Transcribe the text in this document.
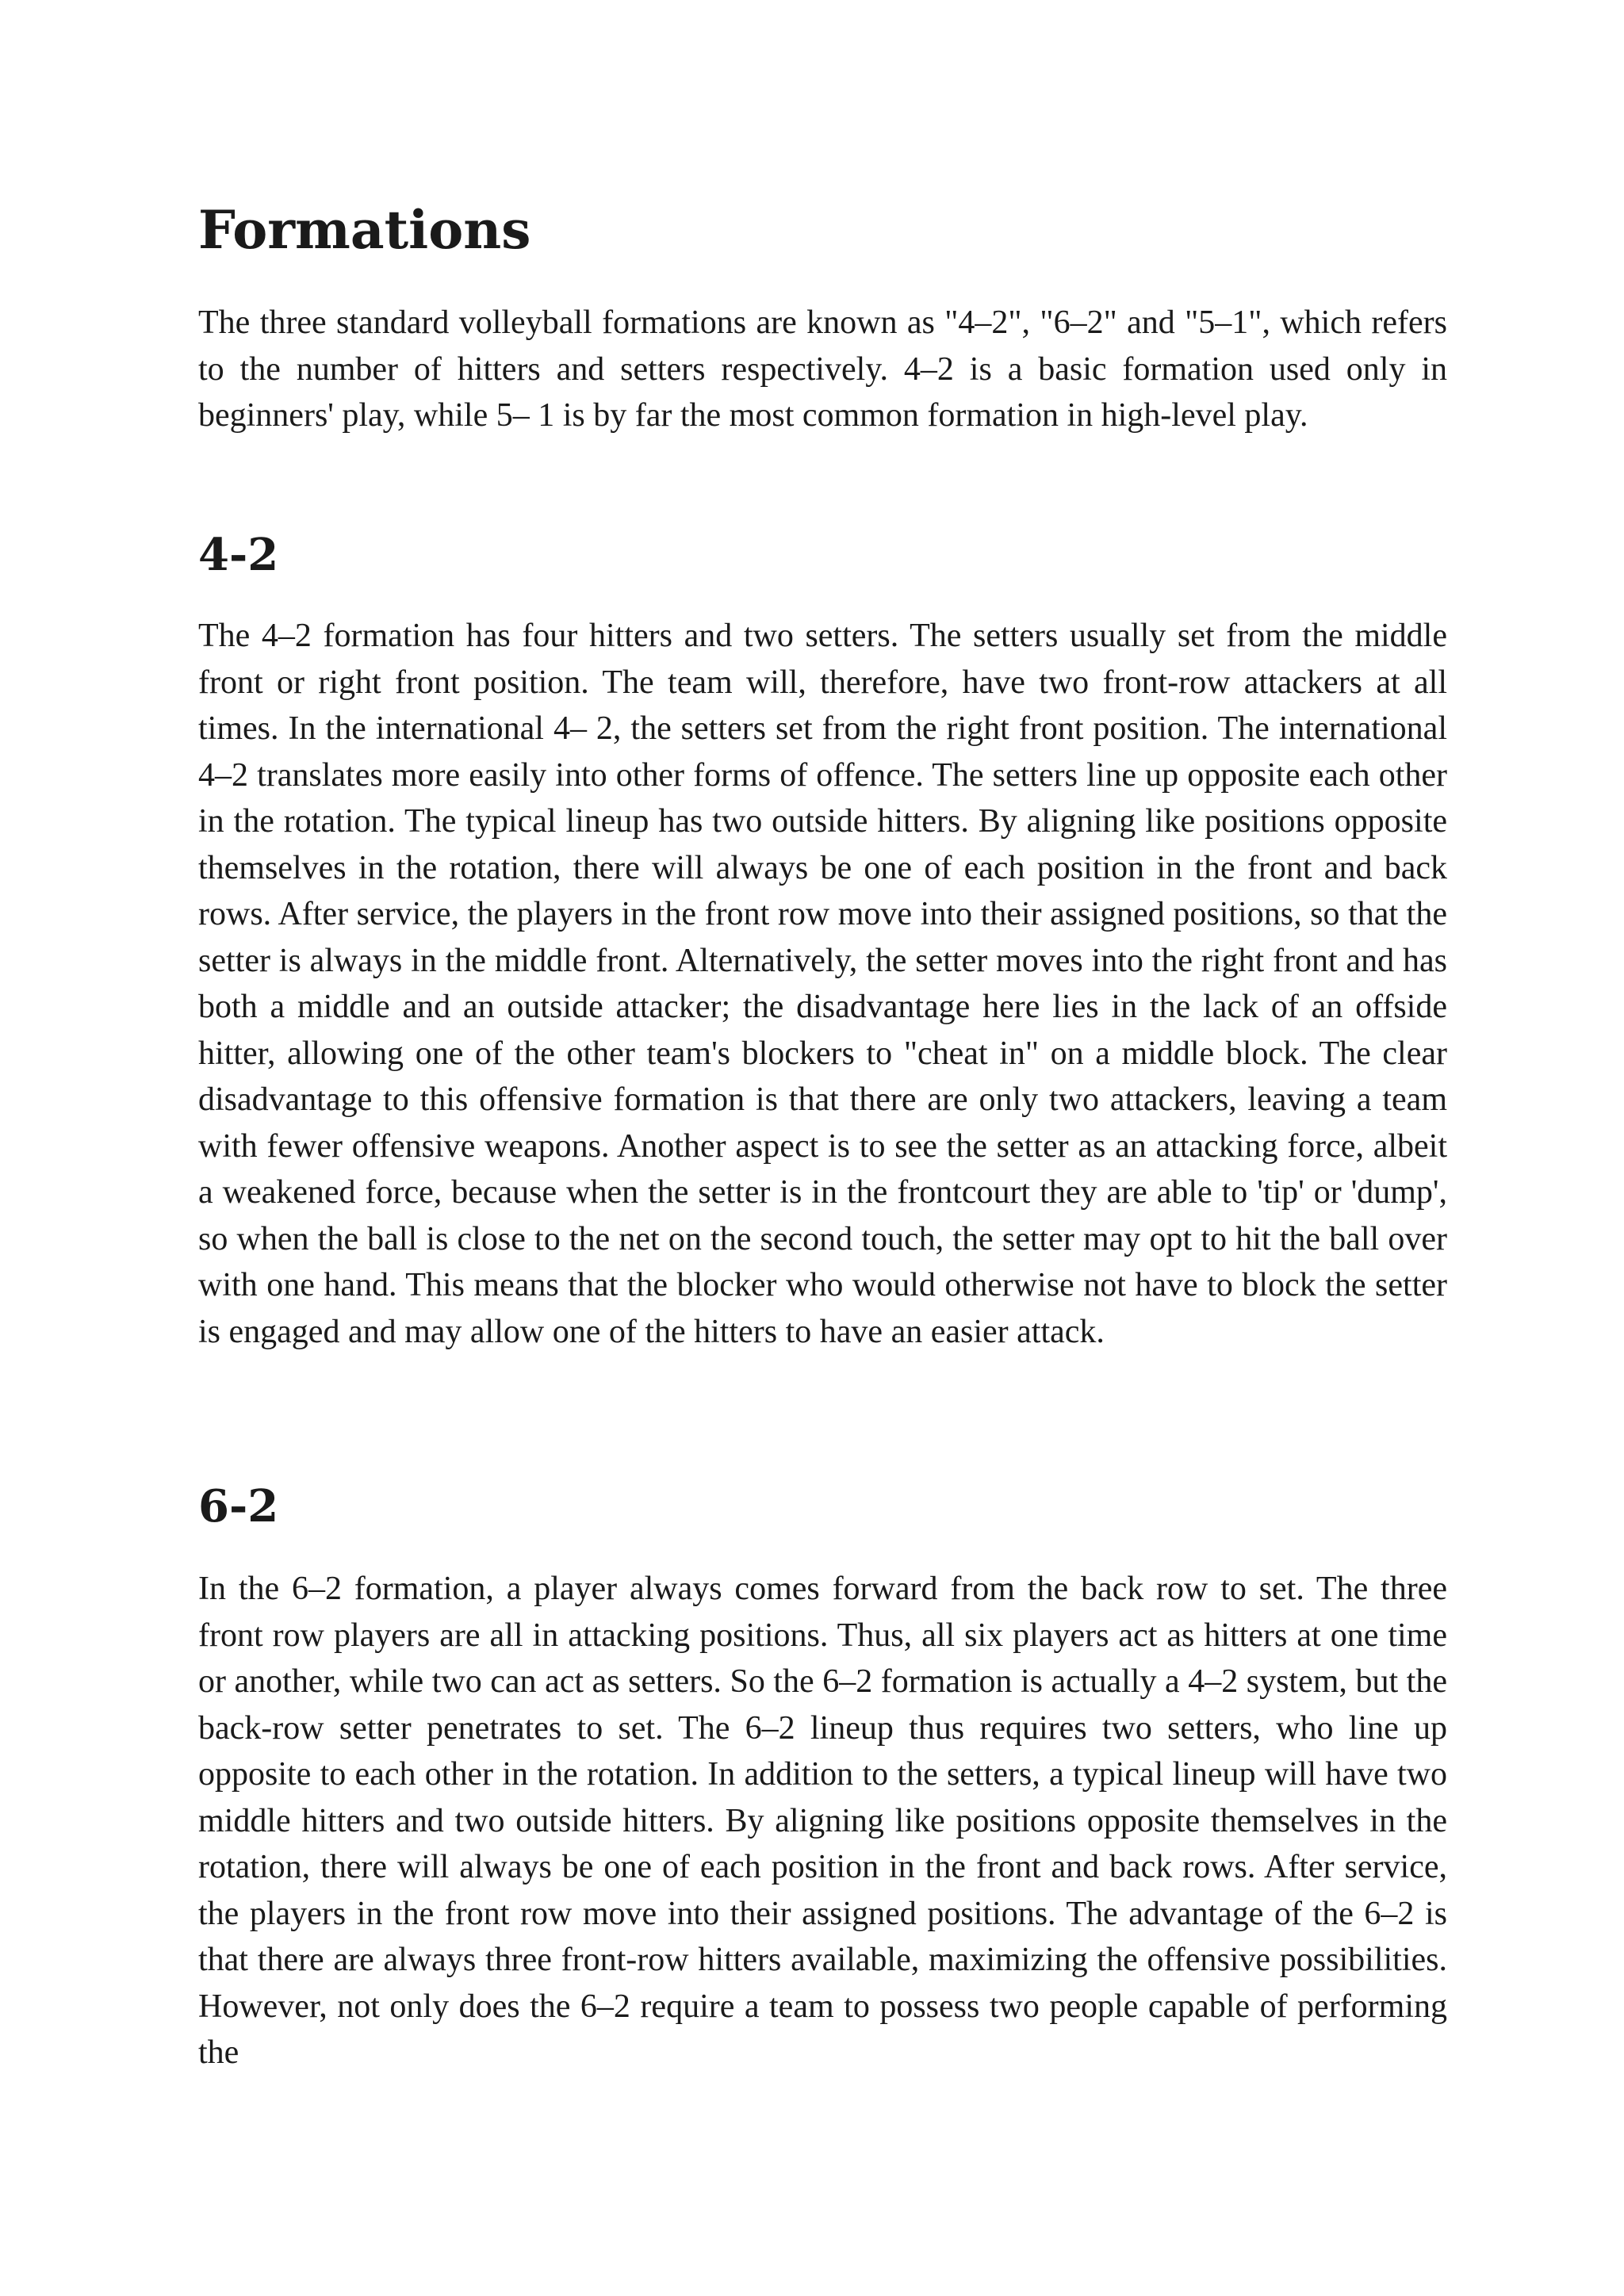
Formations

The three standard volleyball formations are known as "4–2", "6–2" and "5–1", which refers to the number of hitters and setters respectively. 4–2 is a basic formation used only in beginners' play, while 5– 1 is by far the most common formation in high-level play.

4-2

The 4–2 formation has four hitters and two setters. The setters usually set from the middle front or right front position. The team will, therefore, have two front-row attackers at all times. In the international 4– 2, the setters set from the right front position. The international 4–2 translates more easily into other forms of offence. The setters line up opposite each other in the rotation. The typical lineup has two outside hitters. By aligning like positions opposite themselves in the rotation, there will always be one of each position in the front and back rows. After service, the players in the front row move into their assigned positions, so that the setter is always in the middle front. Alternatively, the setter moves into the right front and has both a middle and an outside attacker; the disadvantage here lies in the lack of an offside hitter, allowing one of the other team's blockers to "cheat in" on a middle block. The clear disadvantage to this offensive formation is that there are only two attackers, leaving a team with fewer offensive weapons. Another aspect is to see the setter as an attacking force, albeit a weakened force, because when the setter is in the frontcourt they are able to 'tip' or 'dump', so when the ball is close to the net on the second touch, the setter may opt to hit the ball over with one hand. This means that the blocker who would otherwise not have to block the setter is engaged and may allow one of the hitters to have an easier attack.

6-2

In the 6–2 formation, a player always comes forward from the back row to set. The three front row players are all in attacking positions. Thus, all six players act as hitters at one time or another, while two can act as setters. So the 6–2 formation is actually a 4–2 system, but the back-row setter penetrates to set. The 6–2 lineup thus requires two setters, who line up opposite to each other in the rotation. In addition to the setters, a typical lineup will have two middle hitters and two outside hitters. By aligning like positions opposite themselves in the rotation, there will always be one of each position in the front and back rows. After service, the players in the front row move into their assigned positions. The advantage of the 6–2 is that there are always three front-row hitters available, maximizing the offensive possibilities. However, not only does the 6–2 require a team to possess two people capable of performing the
